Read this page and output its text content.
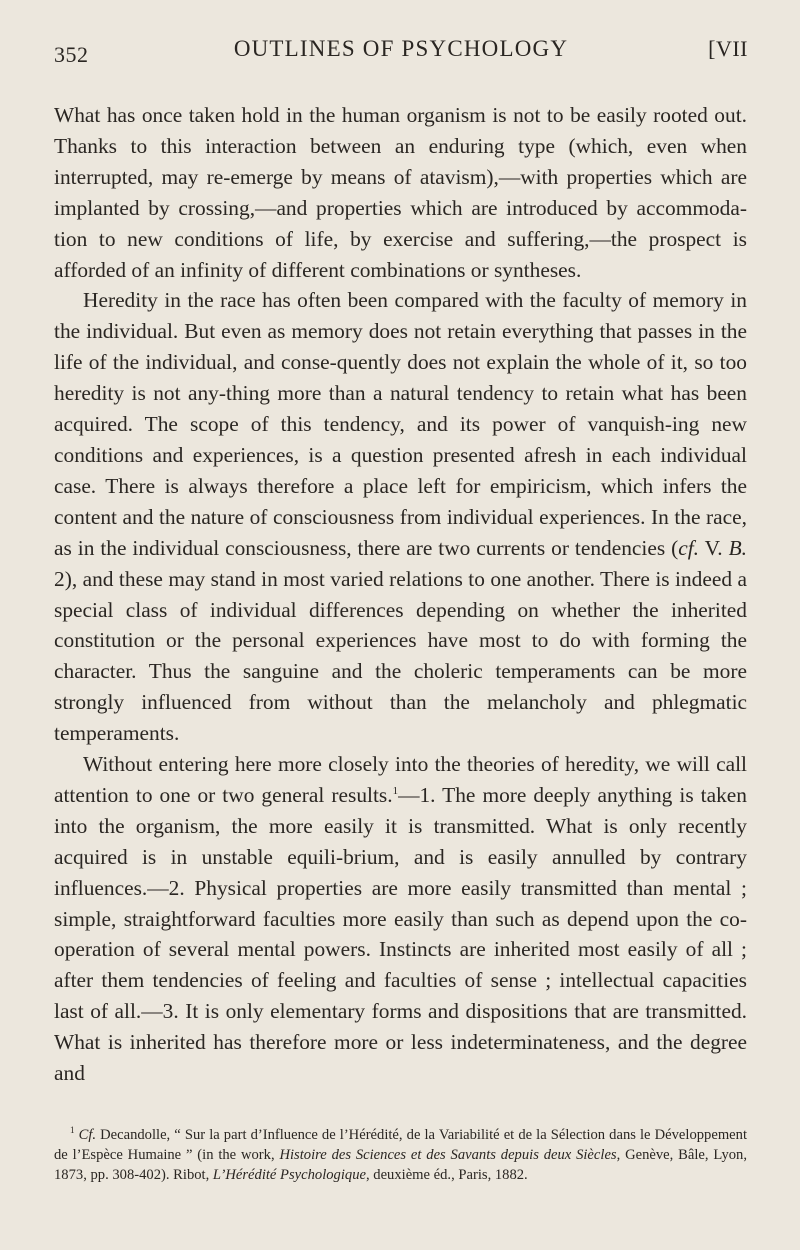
352	OUTLINES OF PSYCHOLOGY	[VII

What has once taken hold in the human organism is not to be easily rooted out. Thanks to this interaction between an enduring type (which, even when interrupted, may re-emerge by means of atavism),—with properties which are implanted by crossing,—and properties which are introduced by accommoda-tion to new conditions of life, by exercise and suffering,—the prospect is afforded of an infinity of different combinations or syntheses.

Heredity in the race has often been compared with the faculty of memory in the individual. But even as memory does not retain everything that passes in the life of the individual, and conse-quently does not explain the whole of it, so too heredity is not any-thing more than a natural tendency to retain what has been acquired. The scope of this tendency, and its power of vanquish-ing new conditions and experiences, is a question presented afresh in each individual case. There is always therefore a place left for empiricism, which infers the content and the nature of consciousness from individual experiences. In the race, as in the individual consciousness, there are two currents or tendencies (cf. V. B. 2), and these may stand in most varied relations to one another. There is indeed a special class of individual differences depending on whether the inherited constitution or the personal experiences have most to do with forming the character. Thus the sanguine and the choleric temperaments can be more strongly influenced from without than the melancholy and phlegmatic temperaments.

Without entering here more closely into the theories of heredity, we will call attention to one or two general results.$^1$—1. The more deeply anything is taken into the organism, the more easily it is transmitted. What is only recently acquired is in unstable equili-brium, and is easily annulled by contrary influences.—2. Physical properties are more easily transmitted than mental ; simple, straightforward faculties more easily than such as depend upon the co-operation of several mental powers. Instincts are inherited most easily of all ; after them tendencies of feeling and faculties of sense ; intellectual capacities last of all.—3. It is only elementary forms and dispositions that are transmitted. What is inherited has therefore more or less indeterminateness, and the degree and

$^1$ Cf. Decandolle, “ Sur la part d’Influence de l’Hérédité, de la Variabilité et de la Sélection dans le Développement de l’Espèce Humaine ” (in the work, Histoire des Sciences et des Savants depuis deux Siècles, Genève, Bâle, Lyon, 1873, pp. 308-402). Ribot, L’Hérédité Psychologique, deuxième éd., Paris, 1882.
